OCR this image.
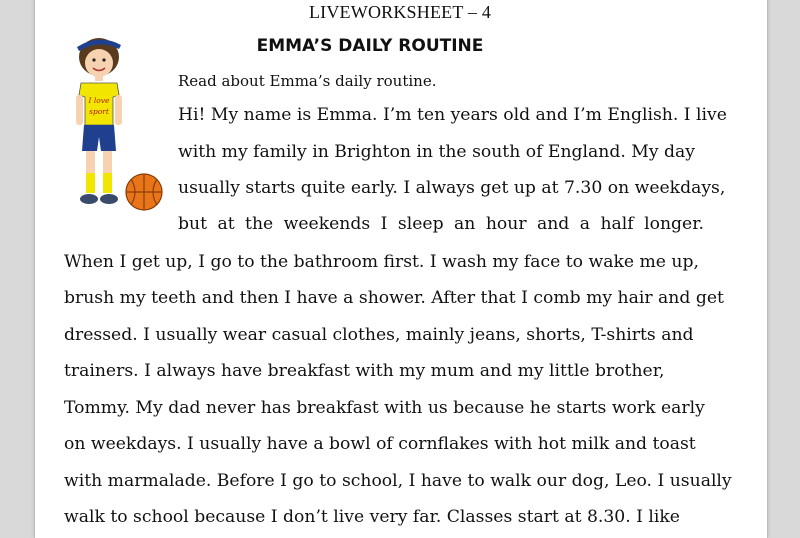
LIVEWORKSHEET – 4
EMMA’S DAILY ROUTINE
Read about Emma’s daily routine.
I love
sport	Hi! My name is Emma. I’m ten years old and I’m English. I live
with my family in Brighton in the south of England. My day
usually starts quite early. I always get up at 7.30 on weekdays,
but at the weekends I sleep an hour and a half longer.
When I get up, I go to the bathroom first. I wash my face to wake me up,
brush my teeth and then I have a shower. After that I comb my hair and get
dressed. I usually wear casual clothes, mainly jeans, shorts, T-shirts and
trainers. I always have breakfast with my mum and my little brother,
Tommy. My dad never has breakfast with us because he starts work early
on weekdays. I usually have a bowl of cornflakes with hot milk and toast
with marmalade. Before I go to school, I have to walk our dog, Leo. I usually
walk to school because I don’t live very far. Classes start at 8.30. I like
